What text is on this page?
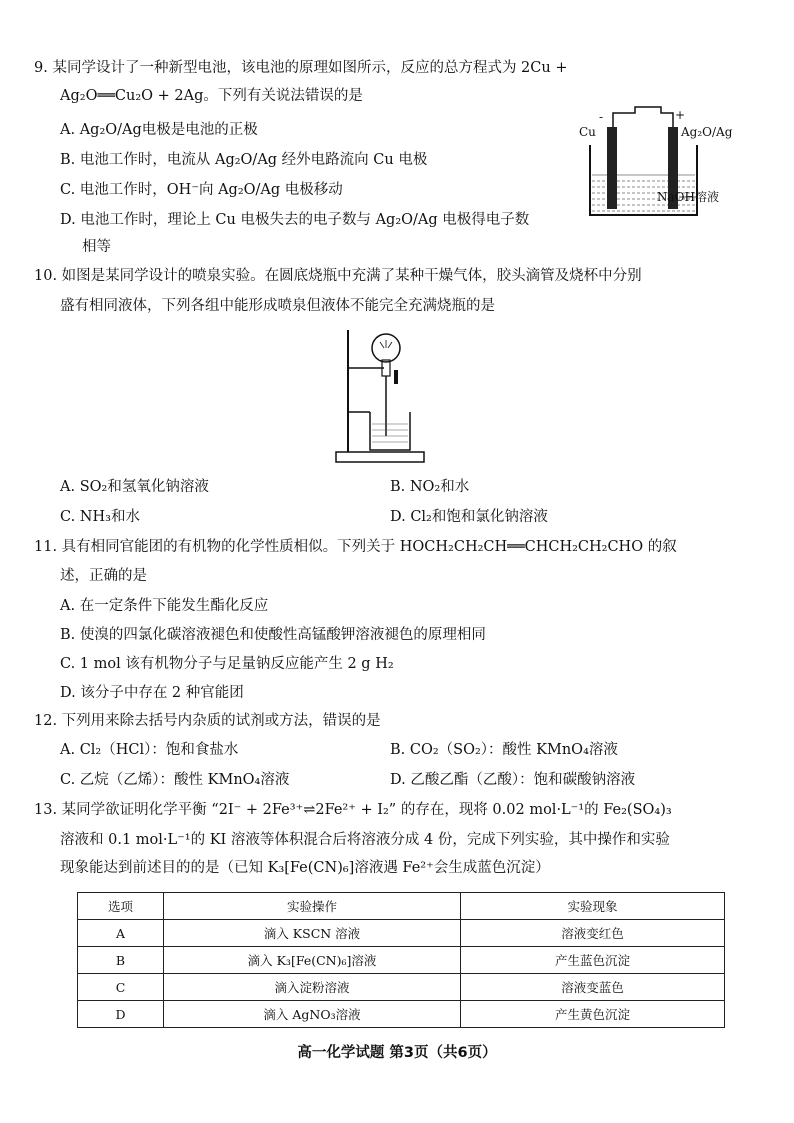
9. 某同学设计了一种新型电池，该电池的原理如图所示，反应的总方程式为 2Cu +
Ag₂O══Cu₂O + 2Ag。下列有关说法错误的是
A. Ag₂O/Ag电极是电池的正极
B. 电池工作时，电流从 Ag₂O/Ag 经外电路流向 Cu 电极
C. 电池工作时，OH⁻向 Ag₂O/Ag 电极移动
D. 电池工作时，理论上 Cu 电极失去的电子数与 Ag₂O/Ag 电极得电子数
相等
Cu
-
Ag₂O/Ag
+
NaOH溶液
10. 如图是某同学设计的喷泉实验。在圆底烧瓶中充满了某种干燥气体，胶头滴管及烧杯中分别
盛有相同液体，下列各组中能形成喷泉但液体不能完全充满烧瓶的是
A. SO₂和氢氧化钠溶液	B. NO₂和水
C. NH₃和水	D. Cl₂和饱和氯化钠溶液
11. 具有相同官能团的有机物的化学性质相似。下列关于 HOCH₂CH₂CH══CHCH₂CH₂CHO 的叙
述，正确的是
A. 在一定条件下能发生酯化反应
B. 使溴的四氯化碳溶液褪色和使酸性高锰酸钾溶液褪色的原理相同
C. 1 mol 该有机物分子与足量钠反应能产生 2 g H₂
D. 该分子中存在 2 种官能团
12. 下列用来除去括号内杂质的试剂或方法，错误的是
A. Cl₂（HCl）：饱和食盐水	B. CO₂（SO₂）：酸性 KMnO₄溶液
C. 乙烷（乙烯）：酸性 KMnO₄溶液	D. 乙酸乙酯（乙酸）：饱和碳酸钠溶液
13. 某同学欲证明化学平衡 “2I⁻ + 2Fe³⁺⇌2Fe²⁺ + I₂” 的存在，现将 0.02 mol·L⁻¹的 Fe₂(SO₄)₃
溶液和 0.1 mol·L⁻¹的 KI 溶液等体积混合后将溶液分成 4 份，完成下列实验，其中操作和实验
现象能达到前述目的的是（已知 K₃[Fe(CN)₆]溶液遇 Fe²⁺会生成蓝色沉淀）
选项	实验操作	实验现象
A	滴入 KSCN 溶液	溶液变红色
B	滴入 K₃[Fe(CN)₆]溶液	产生蓝色沉淀
C	滴入淀粉溶液	溶液变蓝色
D	滴入 AgNO₃溶液	产生黄色沉淀
高一化学试题 第3页（共6页）
